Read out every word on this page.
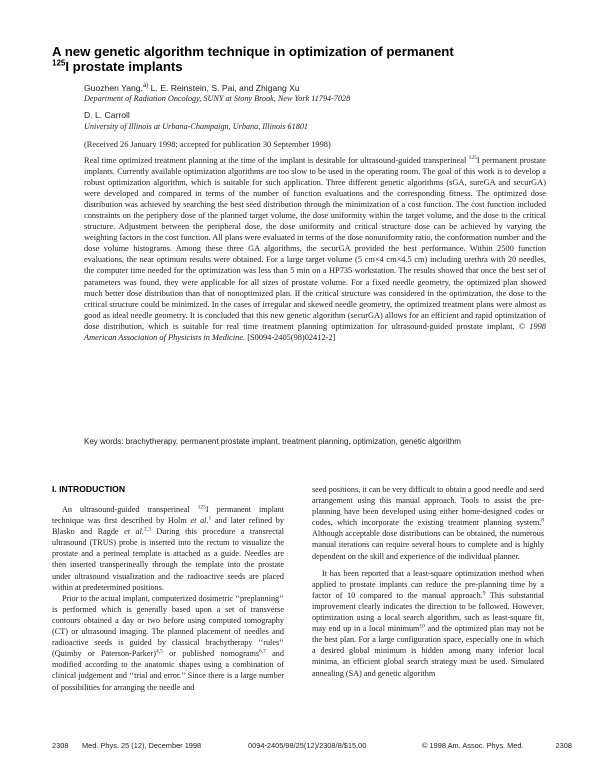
A new genetic algorithm technique in optimization of permanent
$^{125}$I prostate implants
Guozhen Yang,$^{a)}$ L. E. Reinstein, S. Pai, and Zhigang Xu
Department of Radiation Oncology, SUNY at Stony Brook, New York 11794-7028
D. L. Carroll
University of Illinois at Urbana-Champaign, Urbana, Illinois 61801
(Received 26 January 1998; accepted for publication 30 September 1998)
Real time optimized treatment planning at the time of the implant is desirable for ultrasound-guided transperineal $^{125}$I permanent prostate implants. Currently available optimization algorithms are too slow to be used in the operating room. The goal of this work is to develop a robust optimization algorithm, which is suitable for such application. Three different genetic algorithms (sGA, sureGA and securGA) were developed and compared in terms of the number of function evaluations and the corresponding fitness. The optimized dose distribution was achieved by searching the best seed distribution through the minimization of a cost function. The cost function included constraints on the periphery dose of the planned target volume, the dose uniformity within the target volume, and the dose to the critical structure. Adjustment between the peripheral dose, the dose uniformity and critical structure dose can be achieved by varying the weighting factors in the cost function. All plans were evaluated in terms of the dose nonuniformity ratio, the conformation number and the dose volume histograms. Among these three GA algorithms, the securGA provided the best performance. Within 2500 function evaluations, the near optimum results were obtained. For a large target volume (5 cm×4 cm×4.5 cm) including urethra with 20 needles, the computer time needed for the optimization was less than 5 min on a HP735 workstation. The results showed that once the best set of parameters was found, they were applicable for all sizes of prostate volume. For a fixed needle geometry, the optimized plan showed much better dose distribution than that of nonoptimized plan. If the critical structure was considered in the optimization, the dose to the critical structure could be minimized. In the cases of irregular and skewed needle geometry, the optimized treatment plans were almost as good as ideal needle geometry. It is concluded that this new genetic algorithm (securGA) allows for an efficient and rapid optimization of dose distribution, which is suitable for real time treatment planning optimization for ultrasound-guided prostate implant. © 1998 American Association of Physicists in Medicine. [S0094-2405(98)02412-2]
Key words: brachytherapy, permanent prostate implant, treatment planning, optimization, genetic algorithm
I. INTRODUCTION

An ultrasound-guided transperineal $^{125}$I permanent implant technique was first described by Holm et al.$^1$ and later refined by Blasko and Ragde et al.$^{2,3}$ During this procedure a transrectal ultrasound (TRUS) probe is inserted into the rectum to visualize the prostate and a perineal template is attached as a guide. Needles are then inserted transperineally through the template into the prostate under ultrasound visualization and the radioactive seeds are placed within at predetermined positions.

Prior to the actual implant, computerized dosimetric ‘‘preplanning’’ is performed which is generally based upon a set of transverse contours obtained a day or two before using computed tomography (CT) or ultrasound imaging. The planned placement of needles and radioactive seeds is guided by classical brachytherapy ‘‘rules’’ (Quimby or Paterson-Parker)$^{4,5}$ or published nomograms$^{6,7}$ and modified according to the anatomic shapes using a combination of clinical judgement and ‘‘trial and error.’’ Since there is a large number of possibilities for arranging the needle and

seed positions, it can be very difficult to obtain a good needle and seed arrangement using this manual approach. Tools to assist the pre-planning have been developed using either home-designed codes or codes, which incorporate the existing treatment planning system.$^8$ Although acceptable dose distributions can be obtained, the numerous manual iterations can require several hours to complete and is highly dependent on the skill and experience of the individual planner.

It has been reported that a least-square optimization method when applied to prostate implants can reduce the pre-planning time by a factor of 10 compared to the manual approach.$^9$ This substantial improvement clearly indicates the direction to be followed. However, optimization using a local search algorithm, such as least-square fit, may end up in a local minimum$^{10}$ and the optimized plan may not be the best plan. For a large configuration space, especially one in which a desired global minimum is hidden among many inferior local minima, an efficient global search strategy must be used. Simulated annealing (SA) and genetic algorithm

2308 Med. Phys. 25 (12), December 1998	0094-2405/98/25(12)/2308/8/$15.00	© 1998 Am. Assoc. Phys. Med.	2308
